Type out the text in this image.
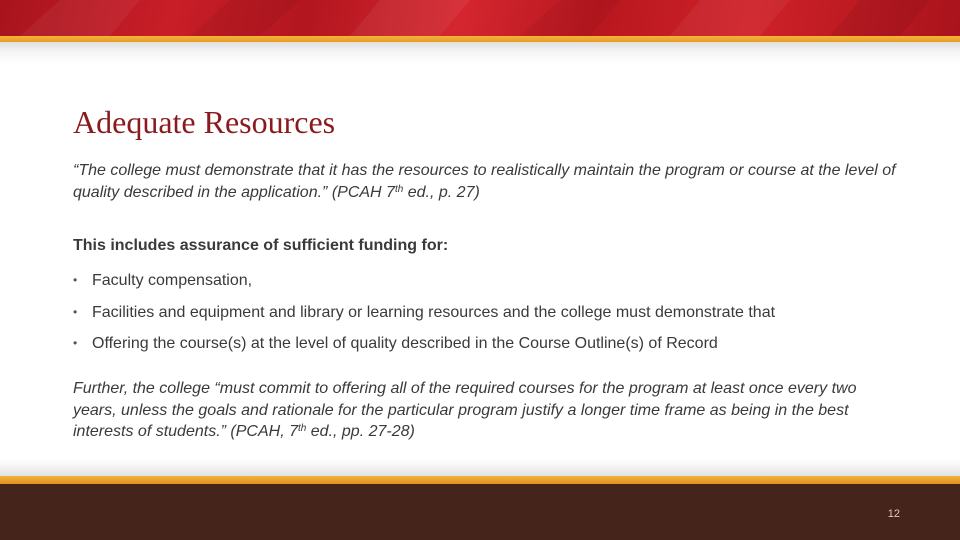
Adequate Resources

“The college must demonstrate that it has the resources to realistically maintain the program or course at the level of quality described in the application.” (PCAH 7th ed., p. 27)

This includes assurance of sufficient funding for:

• Faculty compensation,
• Facilities and equipment and library or learning resources and the college must demonstrate that
• Offering the course(s) at the level of quality described in the Course Outline(s) of Record

Further, the college “must commit to offering all of the required courses for the program at least once every two years, unless the goals and rationale for the particular program justify a longer time frame as being in the best interests of students.” (PCAH, 7th ed., pp. 27-28)

12
